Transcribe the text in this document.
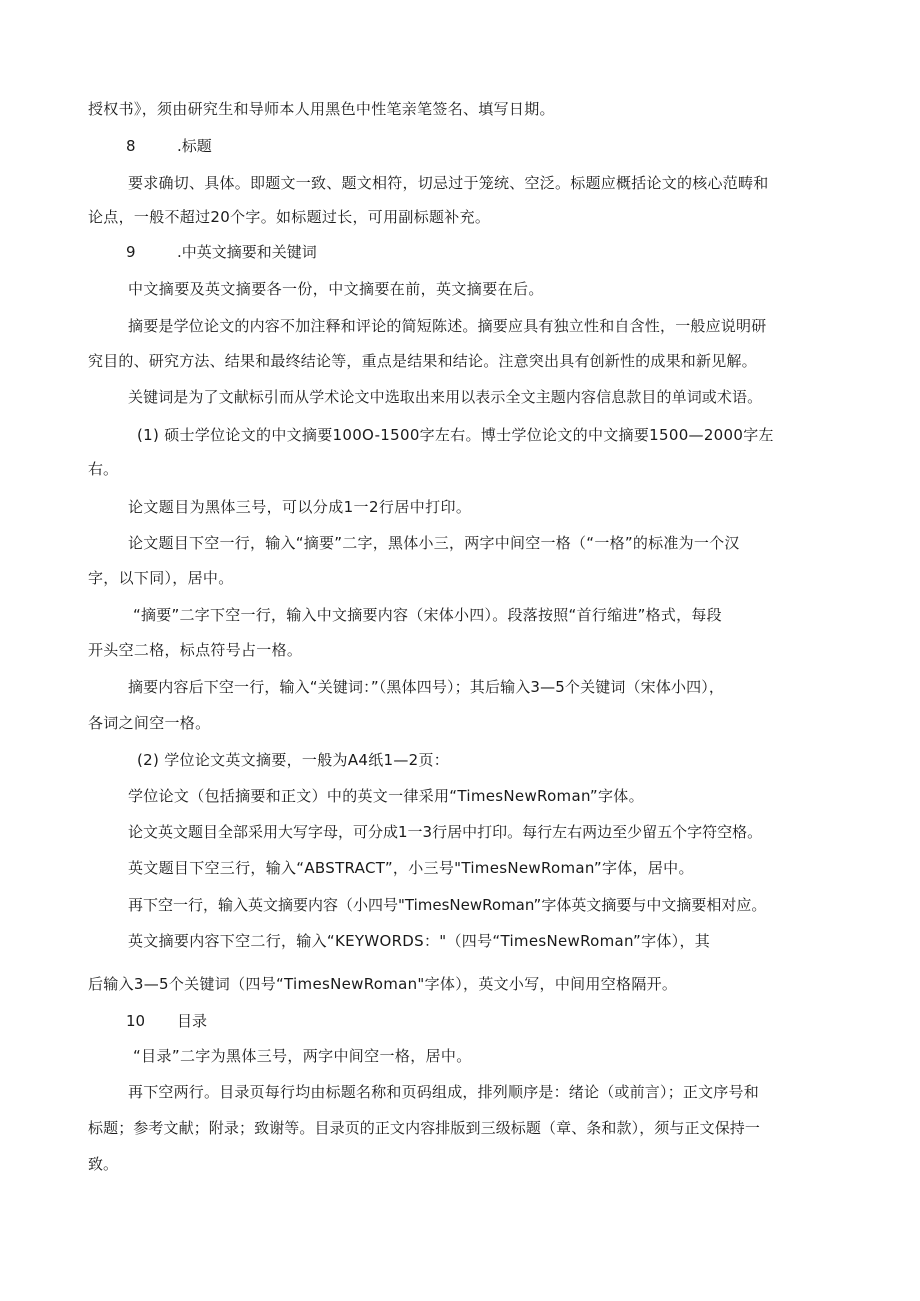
授权书》，须由研究生和导师本人用黑色中性笔亲笔签名、填写日期。
8	.标题
要求确切、具体。即题文一致、题文相符，切忌过于笼统、空泛。标题应概括论文的核心范畴和
论点，一般不超过20个字。如标题过长，可用副标题补充。
9	.中英文摘要和关键词
中文摘要及英文摘要各一份，中文摘要在前，英文摘要在后。
摘要是学位论文的内容不加注释和评论的简短陈述。摘要应具有独立性和自含性，一般应说明研
究目的、研究方法、结果和最终结论等，重点是结果和结论。注意突出具有创新性的成果和新见解。
关键词是为了文献标引而从学术论文中选取出来用以表示全文主题内容信息款目的单词或术语。
(1) 硕士学位论文的中文摘要100O-1500字左右。博士学位论文的中文摘要1500—2000字左
右。
论文题目为黑体三号，可以分成1一2行居中打印。
论文题目下空一行，输入“摘要”二字，黑体小三，两字中间空一格（“一格”的标准为一个汉
字，以下同），居中。
“摘要”二字下空一行，输入中文摘要内容（宋体小四）。段落按照“首行缩进”格式，每段
开头空二格，标点符号占一格。
摘要内容后下空一行，输入“关键词：”（黑体四号）；其后输入3—5个关键词（宋体小四），
各词之间空一格。
(2) 学位论文英文摘要，一般为A4纸1—2页：
学位论文（包括摘要和正文）中的英文一律采用“TimesNewRoman”字体。
论文英文题目全部采用大写字母，可分成1一3行居中打印。每行左右两边至少留五个字符空格。
英文题目下空三行，输入“ABSTRACT”，小三号"TimesNewRoman”字体，居中。
再下空一行，输入英文摘要内容（小四号"TimesNewRoman”字体英文摘要与中文摘要相对应。
英文摘要内容下空二行，输入“KEYWORDS："（四号“TimesNewRoman”字体），其
后输入3—5个关键词（四号“TimesNewRoman"字体），英文小写，中间用空格隔开。
10 目录
“目录”二字为黑体三号，两字中间空一格，居中。
再下空两行。目录页每行均由标题名称和页码组成，排列顺序是：绪论（或前言）；正文序号和
标题；参考文献；附录；致谢等。目录页的正文内容排版到三级标题（章、条和款），须与正文保持一
致。
